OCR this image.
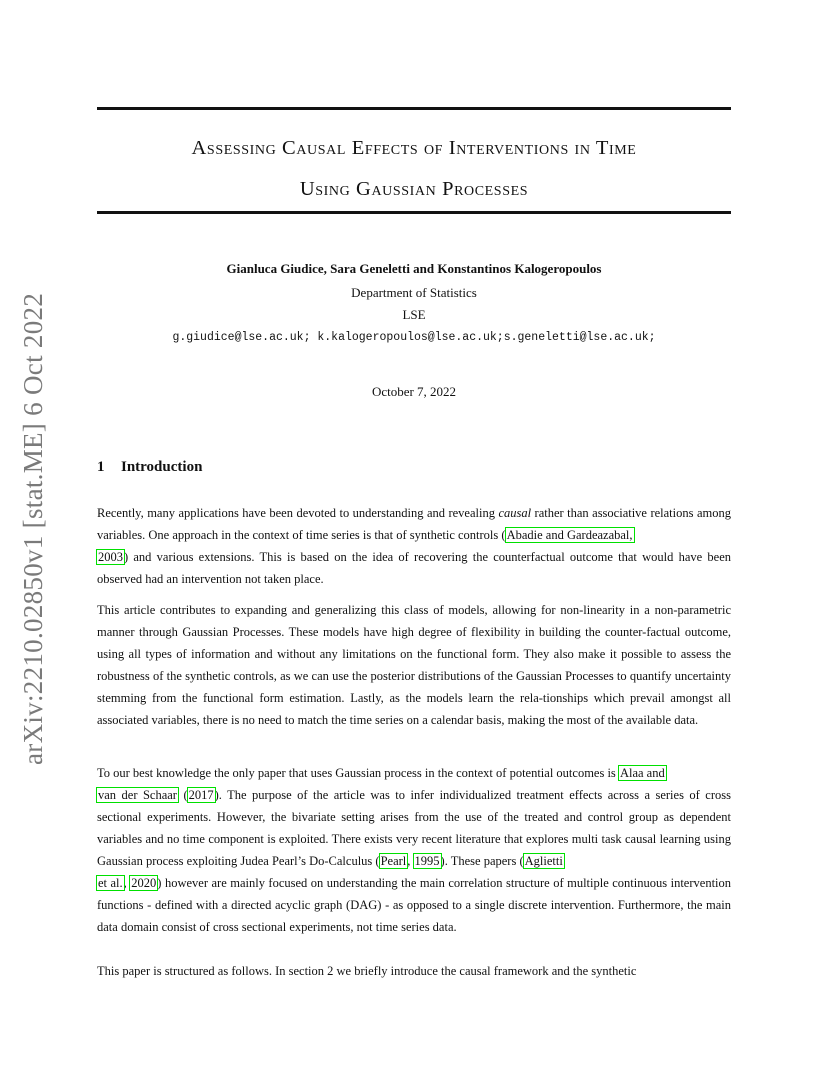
arXiv:2210.02850v1 [stat.ME] 6 Oct 2022
Assessing Causal Effects of Interventions in Time
Using Gaussian Processes
Gianluca Giudice, Sara Geneletti and Konstantinos Kalogeropoulos
Department of Statistics
LSE
g.giudice@lse.ac.uk; k.kalogeropoulos@lse.ac.uk;s.geneletti@lse.ac.uk;
October 7, 2022
1 Introduction

Recently, many applications have been devoted to understanding and revealing causal rather than associative relations among variables. One approach in the context of time series is that of synthetic controls (Abadie and Gardeazabal,
2003) and various extensions. This is based on the idea of recovering the counterfactual outcome that would have been observed had an intervention not taken place.

This article contributes to expanding and generalizing this class of models, allowing for non-linearity in a non-parametric manner through Gaussian Processes. These models have high degree of flexibility in building the counter-factual outcome, using all types of information and without any limitations on the functional form. They also make it possible to assess the robustness of the synthetic controls, as we can use the posterior distributions of the Gaussian Processes to quantify uncertainty stemming from the functional form estimation. Lastly, as the models learn the rela-tionships which prevail amongst all associated variables, there is no need to match the time series on a calendar basis, making the most of the available data.

To our best knowledge the only paper that uses Gaussian process in the context of potential outcomes is Alaa and
van der Schaar (2017). The purpose of the article was to infer individualized treatment effects across a series of cross sectional experiments. However, the bivariate setting arises from the use of the treated and control group as dependent variables and no time component is exploited. There exists very recent literature that explores multi task causal learning using Gaussian process exploiting Judea Pearl’s Do-Calculus (Pearl, 1995). These papers (Aglietti
et al., 2020) however are mainly focused on understanding the main correlation structure of multiple continuous intervention functions - defined with a directed acyclic graph (DAG) - as opposed to a single discrete intervention. Furthermore, the main data domain consist of cross sectional experiments, not time series data.

This paper is structured as follows. In section 2 we briefly introduce the causal framework and the synthetic
